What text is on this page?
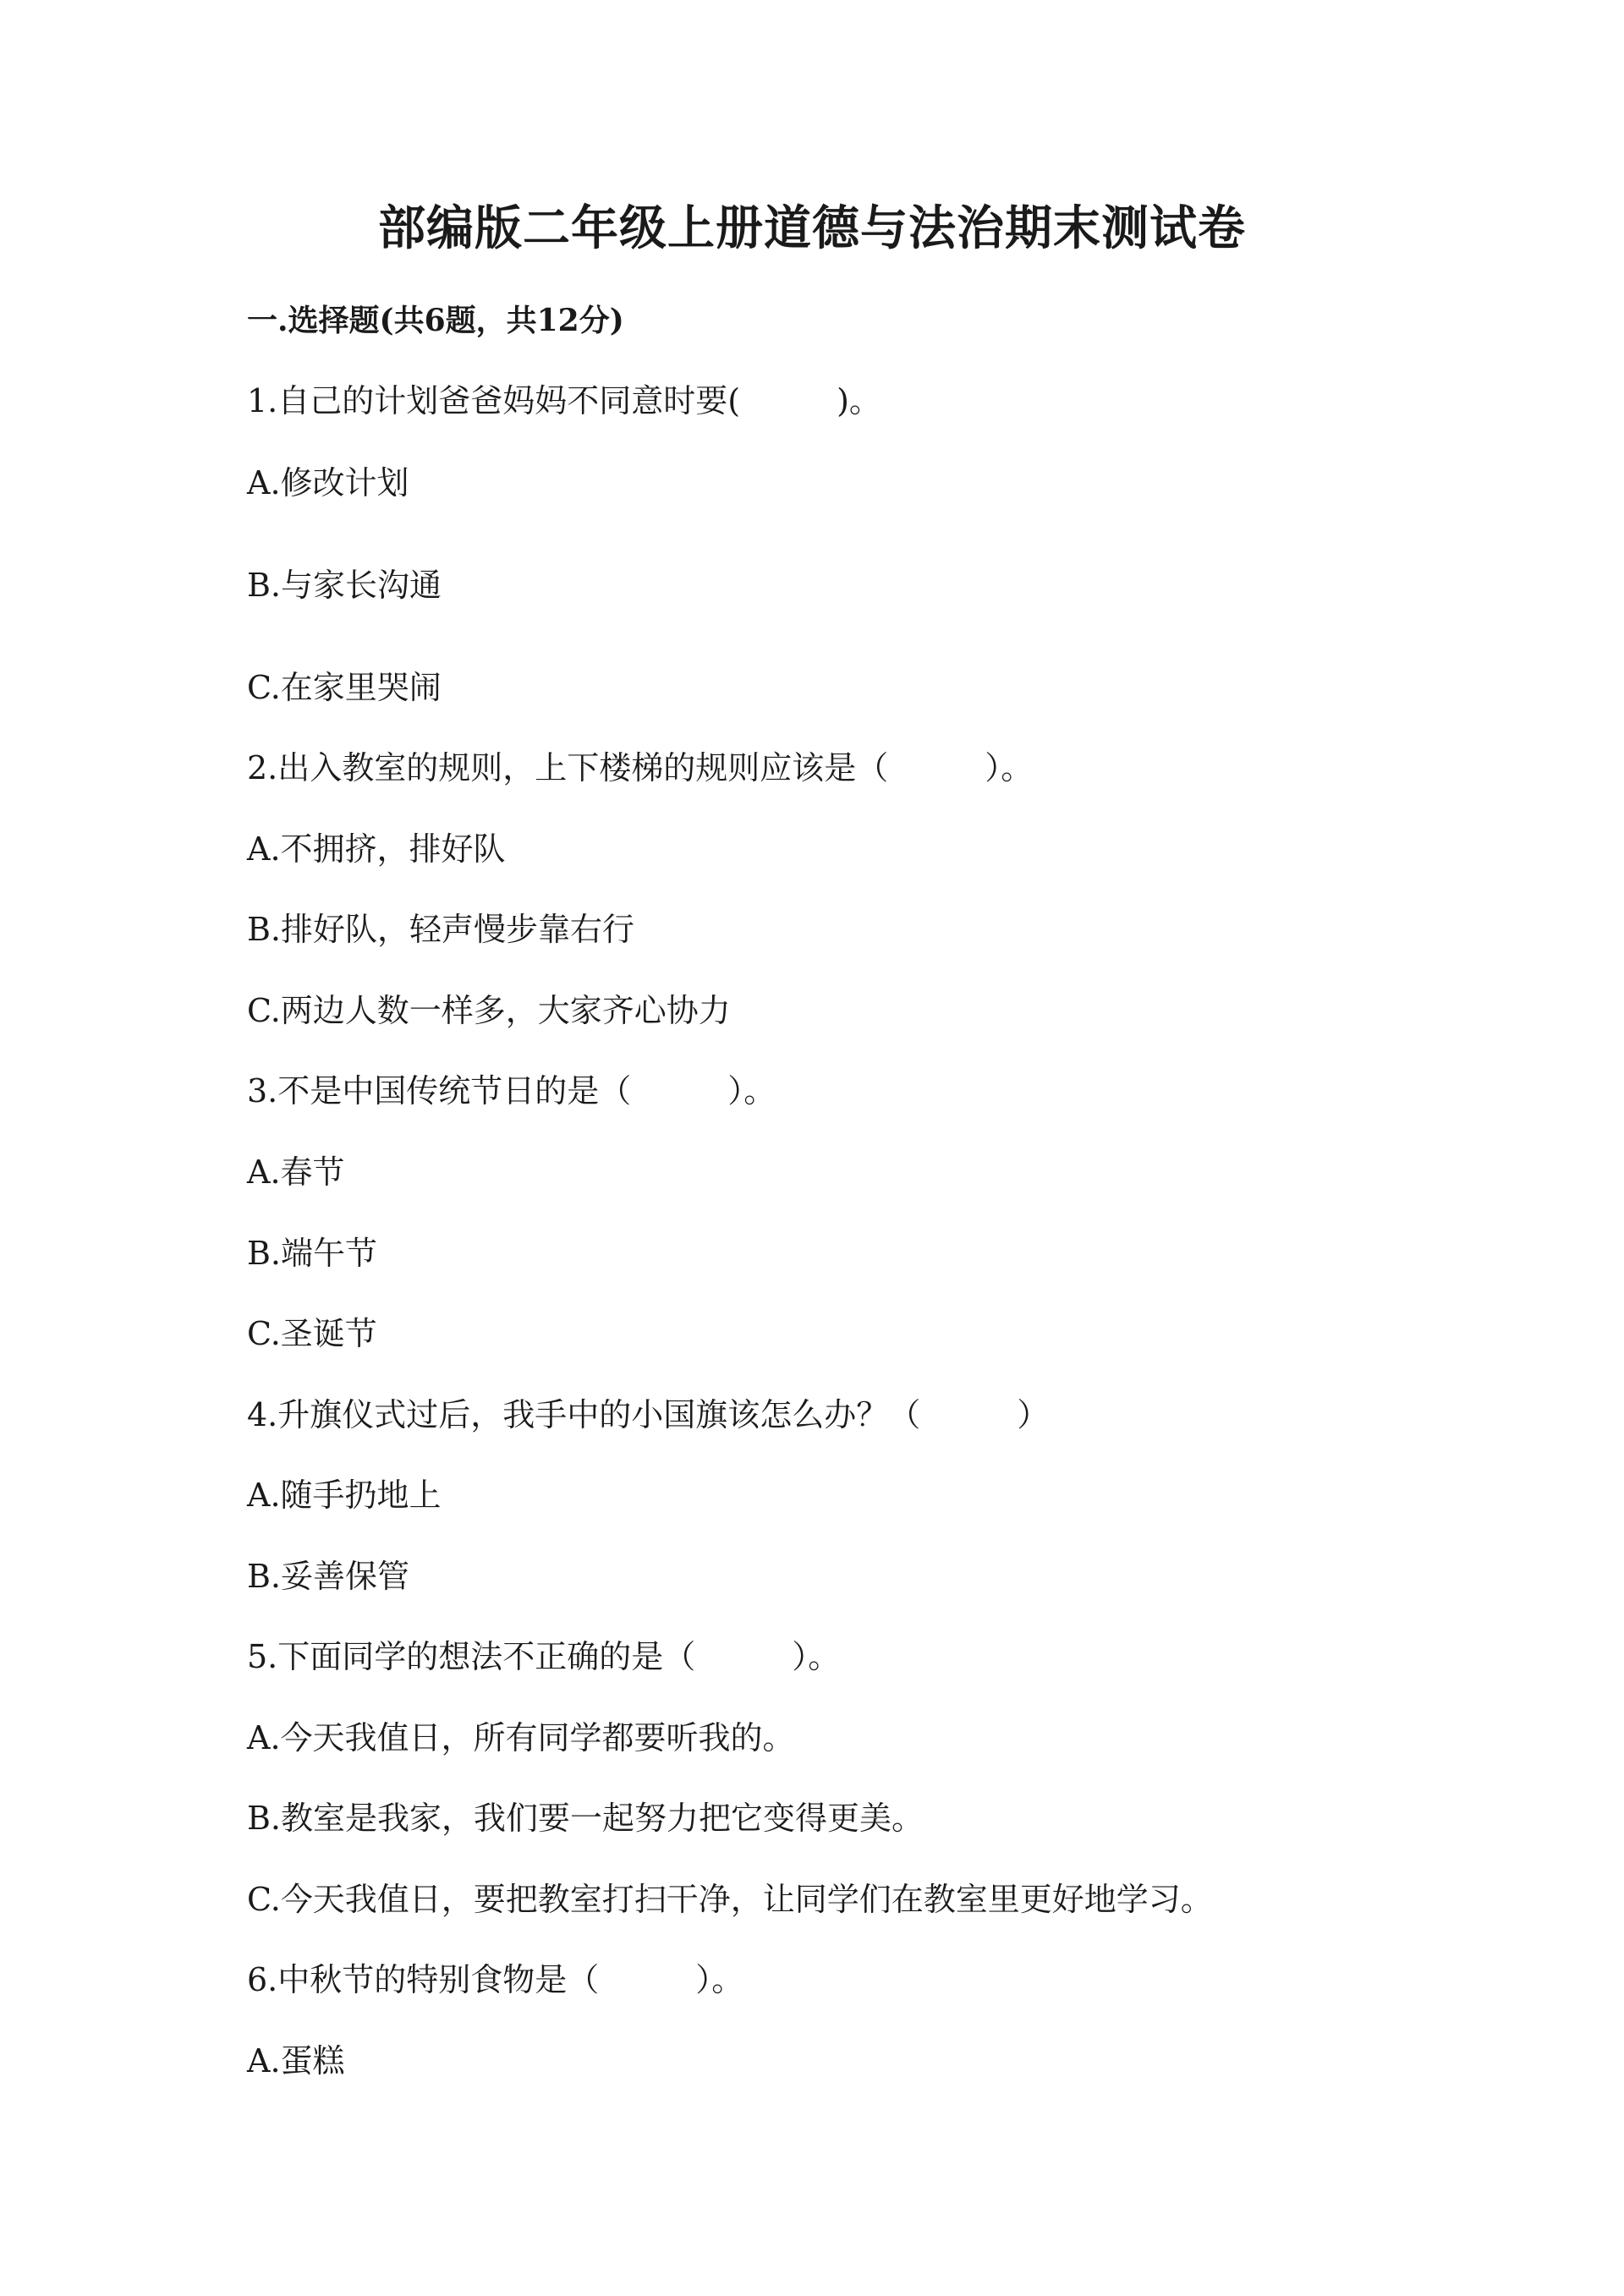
部编版二年级上册道德与法治期末测试卷
一.选择题(共6题，共12分)
1.自己的计划爸爸妈妈不同意时要(　　　)。
A.修改计划
B.与家长沟通
C.在家里哭闹
2.出入教室的规则，上下楼梯的规则应该是（　　　）。
A.不拥挤，排好队
B.排好队，轻声慢步靠右行
C.两边人数一样多，大家齐心协力
3.不是中国传统节日的是（　　　）。
A.春节
B.端午节
C.圣诞节
4.升旗仪式过后，我手中的小国旗该怎么办？（　　　）
A.随手扔地上
B.妥善保管
5.下面同学的想法不正确的是（　　　）。
A.今天我值日，所有同学都要听我的。
B.教室是我家，我们要一起努力把它变得更美。
C.今天我值日，要把教室打扫干净，让同学们在教室里更好地学习。
6.中秋节的特别食物是（　　　）。
A.蛋糕
